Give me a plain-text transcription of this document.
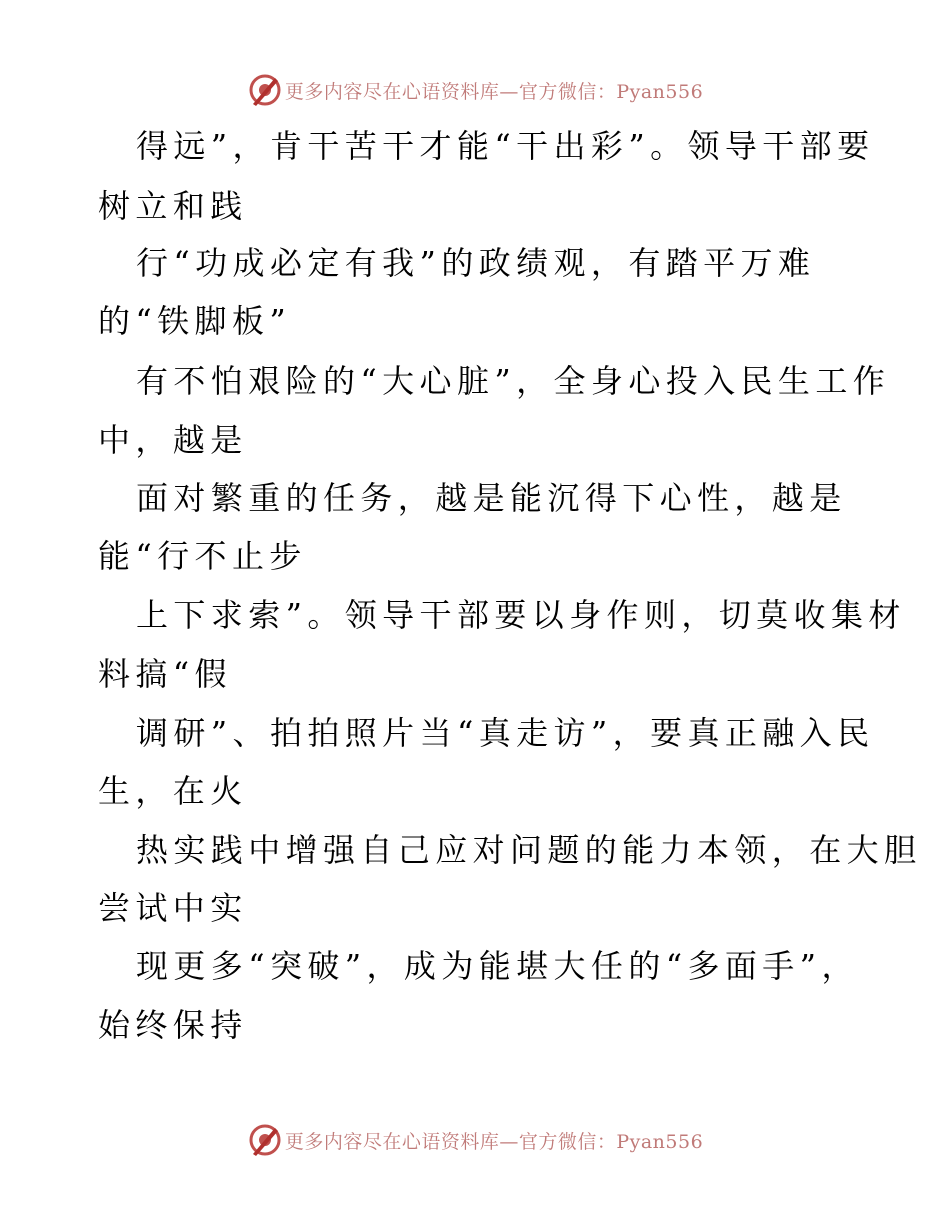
更多内容尽在心语资料库—官方微信：Pyan556
得远”，肯干苦干才能“干出彩”。领导干部要
树立和践
行“功成必定有我”的政绩观，有踏平万难
的“铁脚板”
有不怕艰险的“大心脏”，全身心投入民生工作
中，越是
面对繁重的任务，越是能沉得下心性，越是
能“行不止步
上下求索”。领导干部要以身作则，切莫收集材
料搞“假
调研”、拍拍照片当“真走访”，要真正融入民
生，在火
热实践中增强自己应对问题的能力本领，在大胆
尝试中实
现更多“突破”，成为能堪大任的“多面手”，
始终保持
更多内容尽在心语资料库—官方微信：Pyan556
